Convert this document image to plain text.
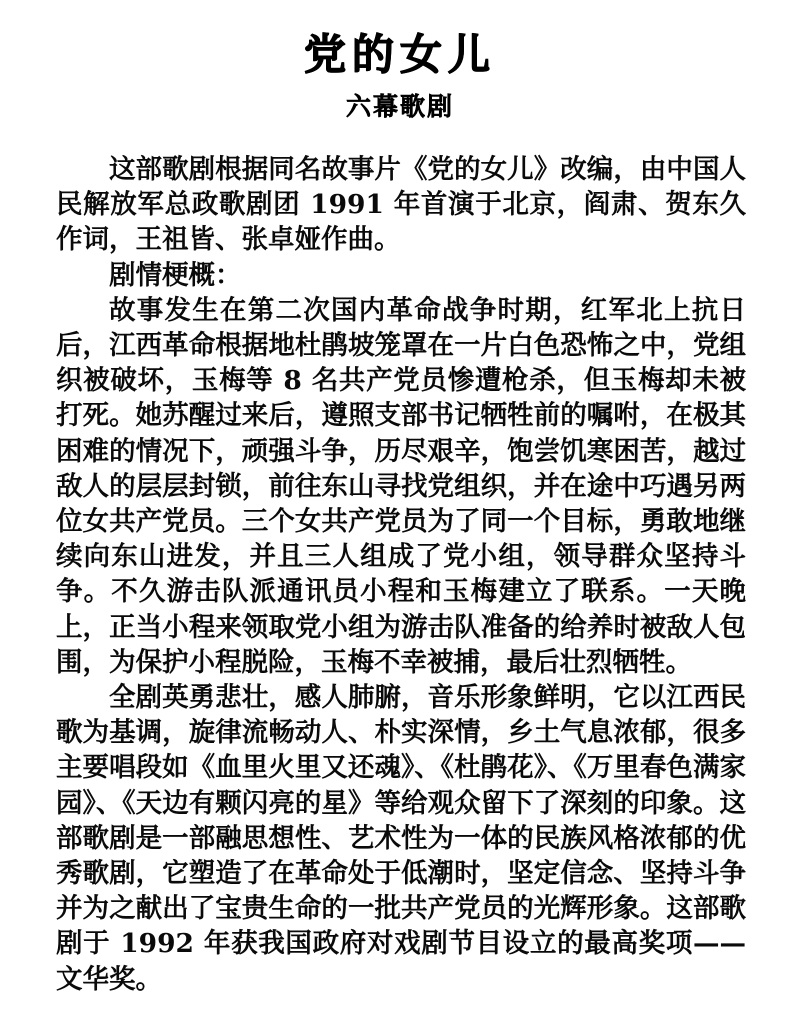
党的女儿
六幕歌剧

这部歌剧根据同名故事片《党的女儿》改编，由中国人民解放军总政歌剧团 1991 年首演于北京，阎肃、贺东久作词，王祖皆、张卓娅作曲。

剧情梗概：

故事发生在第二次国内革命战争时期，红军北上抗日后，江西革命根据地杜鹃坡笼罩在一片白色恐怖之中，党组织被破坏，玉梅等 8 名共产党员惨遭枪杀，但玉梅却未被打死。她苏醒过来后，遵照支部书记牺牲前的嘱咐，在极其困难的情况下，顽强斗争，历尽艰辛，饱尝饥寒困苦，越过敌人的层层封锁，前往东山寻找党组织，并在途中巧遇另两位女共产党员。三个女共产党员为了同一个目标，勇敢地继续向东山进发，并且三人组成了党小组，领导群众坚持斗争。不久游击队派通讯员小程和玉梅建立了联系。一天晚上，正当小程来领取党小组为游击队准备的给养时被敌人包围，为保护小程脱险，玉梅不幸被捕，最后壮烈牺牲。

全剧英勇悲壮，感人肺腑，音乐形象鲜明，它以江西民歌为基调，旋律流畅动人、朴实深情，乡土气息浓郁，很多主要唱段如《血里火里又还魂》、《杜鹃花》、《万里春色满家园》、《天边有颗闪亮的星》等给观众留下了深刻的印象。这部歌剧是一部融思想性、艺术性为一体的民族风格浓郁的优秀歌剧，它塑造了在革命处于低潮时，坚定信念、坚持斗争并为之献出了宝贵生命的一批共产党员的光辉形象。这部歌剧于 1992 年获我国政府对戏剧节目设立的最高奖项——文华奖。
